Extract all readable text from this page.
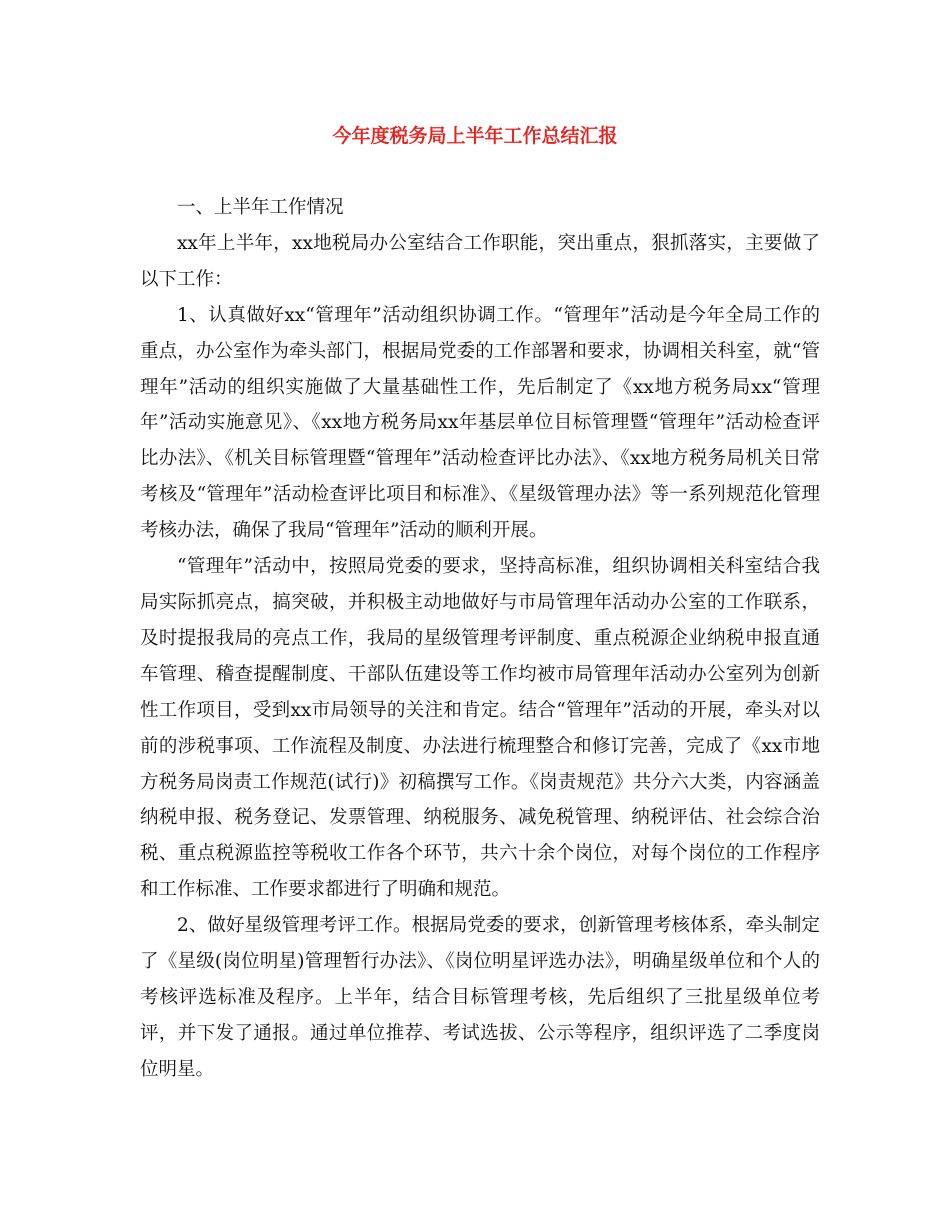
今年度税务局上半年工作总结汇报

一、上半年工作情况

xx年上半年，xx地税局办公室结合工作职能，突出重点，狠抓落实，主要做了以下工作：

1、认真做好xx“管理年”活动组织协调工作。“管理年”活动是今年全局工作的重点，办公室作为牵头部门，根据局党委的工作部署和要求，协调相关科室，就“管理年”活动的组织实施做了大量基础性工作，先后制定了《xx地方税务局xx“管理年”活动实施意见》、《xx地方税务局xx年基层单位目标管理暨“管理年”活动检查评比办法》、《机关目标管理暨“管理年”活动检查评比办法》、《xx地方税务局机关日常考核及“管理年”活动检查评比项目和标准》、《星级管理办法》等一系列规范化管理考核办法，确保了我局“管理年”活动的顺利开展。

“管理年”活动中，按照局党委的要求，坚持高标准，组织协调相关科室结合我局实际抓亮点，搞突破，并积极主动地做好与市局管理年活动办公室的工作联系，及时提报我局的亮点工作，我局的星级管理考评制度、重点税源企业纳税申报直通车管理、稽查提醒制度、干部队伍建设等工作均被市局管理年活动办公室列为创新性工作项目，受到xx市局领导的关注和肯定。结合“管理年”活动的开展，牵头对以前的涉税事项、工作流程及制度、办法进行梳理整合和修订完善，完成了《xx市地方税务局岗责工作规范(试行)》初稿撰写工作。《岗责规范》共分六大类，内容涵盖纳税申报、税务登记、发票管理、纳税服务、减免税管理、纳税评估、社会综合治税、重点税源监控等税收工作各个环节，共六十余个岗位，对每个岗位的工作程序和工作标准、工作要求都进行了明确和规范。

2、做好星级管理考评工作。根据局党委的要求，创新管理考核体系，牵头制定了《星级(岗位明星)管理暂行办法》、《岗位明星评选办法》，明确星级单位和个人的考核评选标准及程序。上半年，结合目标管理考核，先后组织了三批星级单位考评，并下发了通报。通过单位推荐、考试选拔、公示等程序，组织评选了二季度岗位明星。
